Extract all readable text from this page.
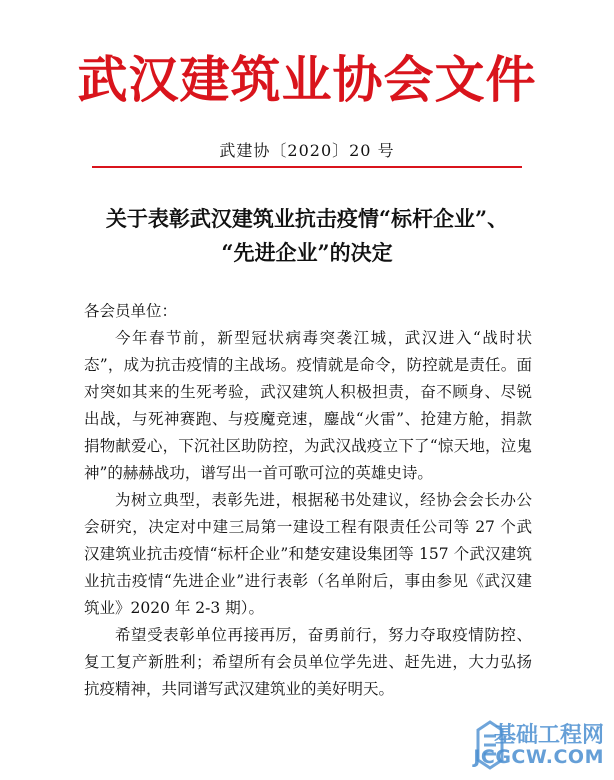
武汉建筑业协会文件
武建协〔2020〕20 号
关于表彰武汉建筑业抗击疫情“标杆企业”、
“先进企业”的决定

各会员单位：

今年春节前，新型冠状病毒突袭江城，武汉进入“战时状态”，成为抗击疫情的主战场。疫情就是命令，防控就是责任。面对突如其来的生死考验，武汉建筑人积极担责，奋不顾身、尽锐出战，与死神赛跑、与疫魔竞速，鏖战“火雷”、抢建方舱，捐款捐物献爱心，下沉社区助防控，为武汉战疫立下了“惊天地，泣鬼神”的赫赫战功，谱写出一首可歌可泣的英雄史诗。

为树立典型，表彰先进，根据秘书处建议，经协会会长办公会研究，决定对中建三局第一建设工程有限责任公司等 27 个武汉建筑业抗击疫情“标杆企业”和楚安建设集团等 157 个武汉建筑业抗击疫情“先进企业”进行表彰（名单附后，事由参见《武汉建筑业》2020 年 2-3 期）。

希望受表彰单位再接再厉，奋勇前行，努力夺取疫情防控、复工复产新胜利；希望所有会员单位学先进、赶先进，大力弘扬抗疫精神，共同谱写武汉建筑业的美好明天。

基础工程网
JCGCW.COM
